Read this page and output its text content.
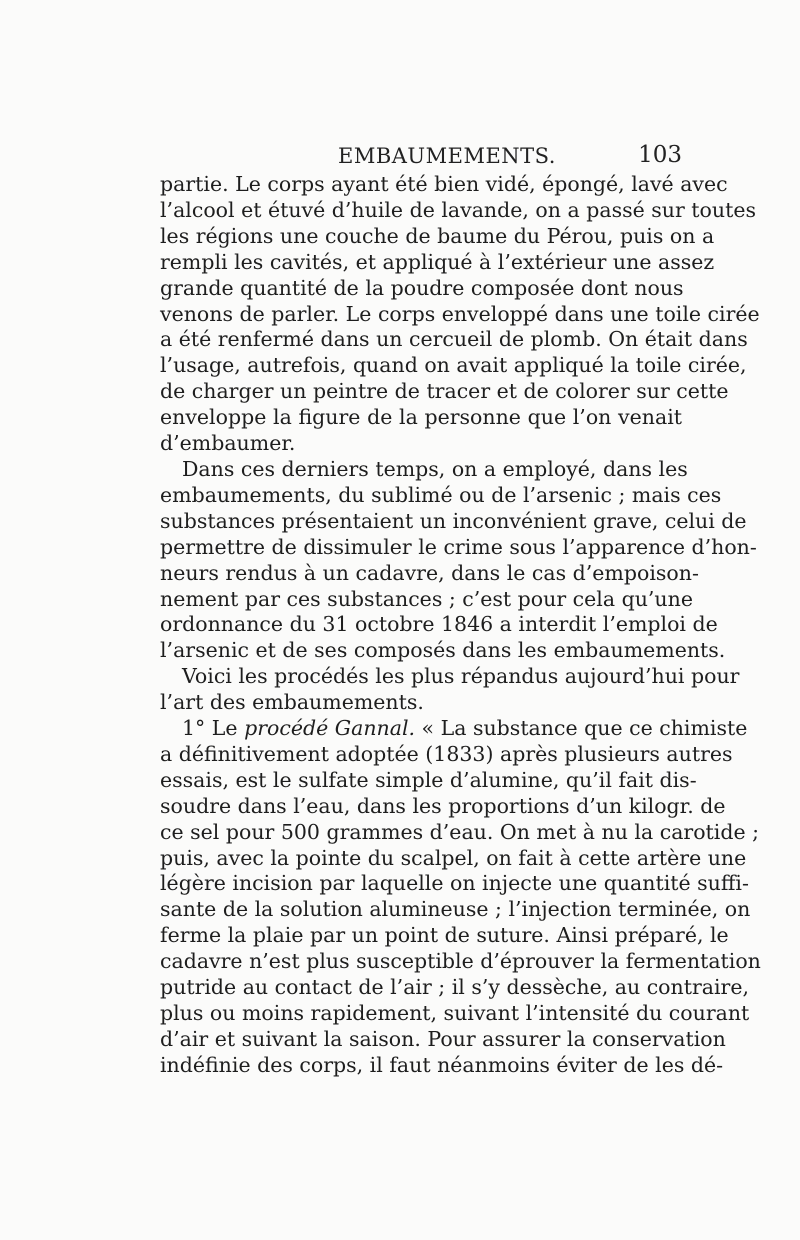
EMBAUMEMENTS.	103

partie. Le corps ayant été bien vidé, épongé, lavé avec
l’alcool et étuvé d’huile de lavande, on a passé sur toutes
les régions une couche de baume du Pérou, puis on a
rempli les cavités, et appliqué à l’extérieur une assez
grande quantité de la poudre composée dont nous
venons de parler. Le corps enveloppé dans une toile cirée
a été renfermé dans un cercueil de plomb. On était dans
l’usage, autrefois, quand on avait appliqué la toile cirée,
de charger un peintre de tracer et de colorer sur cette
enveloppe la figure de la personne que l’on venait
d’embaumer.

Dans ces derniers temps, on a employé, dans les
embaumements, du sublimé ou de l’arsenic ; mais ces
substances présentaient un inconvénient grave, celui de
permettre de dissimuler le crime sous l’apparence d’hon-
neurs rendus à un cadavre, dans le cas d’empoison-
nement par ces substances ; c’est pour cela qu’une
ordonnance du 31 octobre 1846 a interdit l’emploi de
l’arsenic et de ses composés dans les embaumements.

Voici les procédés les plus répandus aujourd’hui pour
l’art des embaumements.

1° Le procédé Gannal. « La substance que ce chimiste
a définitivement adoptée (1833) après plusieurs autres
essais, est le sulfate simple d’alumine, qu’il fait dis-
soudre dans l’eau, dans les proportions d’un kilogr. de
ce sel pour 500 grammes d’eau. On met à nu la carotide ;
puis, avec la pointe du scalpel, on fait à cette artère une
légère incision par laquelle on injecte une quantité suffi-
sante de la solution alumineuse ; l’injection terminée, on
ferme la plaie par un point de suture. Ainsi préparé, le
cadavre n’est plus susceptible d’éprouver la fermentation
putride au contact de l’air ; il s’y dessèche, au contraire,
plus ou moins rapidement, suivant l’intensité du courant
d’air et suivant la saison. Pour assurer la conservation
indéfinie des corps, il faut néanmoins éviter de les dé-
